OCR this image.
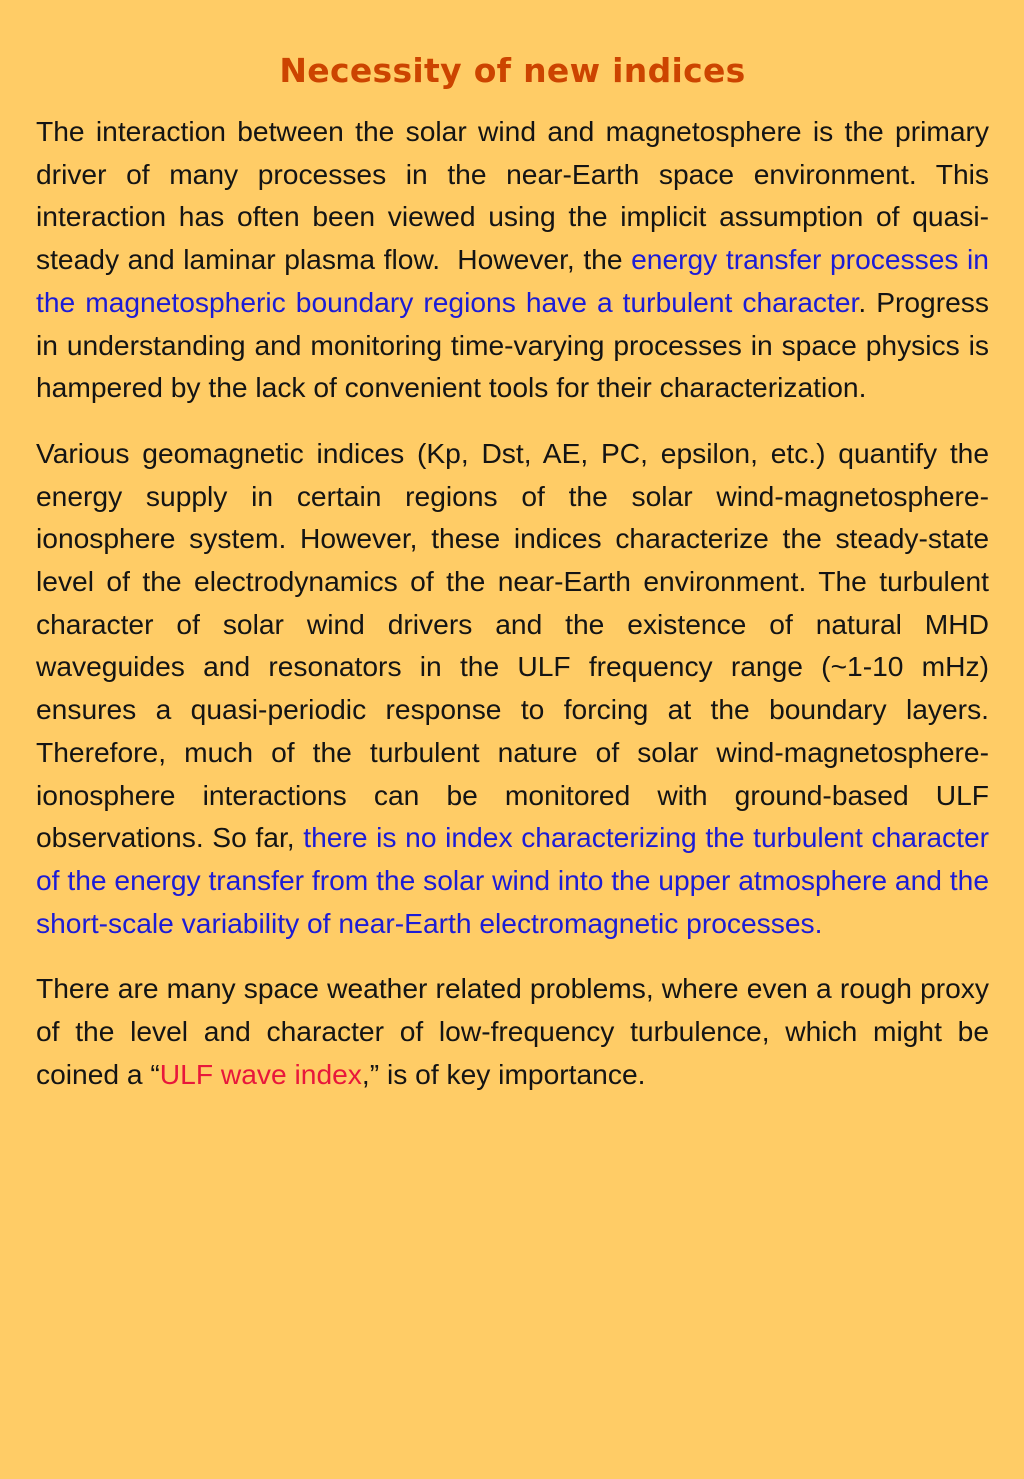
Necessity of new indices

The interaction between the solar wind and magnetosphere is the primary driver of many processes in the near-Earth space environment. This interaction has often been viewed using the implicit assumption of quasi-steady and laminar plasma flow.  However, the energy transfer processes in the magnetospheric boundary regions have a turbulent character. Progress in understanding and monitoring time-varying processes in space physics is hampered by the lack of convenient tools for their characterization.

Various geomagnetic indices (Kp, Dst, AE, PC, epsilon, etc.) quantify the energy supply in certain regions of the solar wind-magnetosphere-ionosphere system. However, these indices characterize the steady-state level of the electrodynamics of the near-Earth environment. The turbulent character of solar wind drivers and the existence of natural MHD waveguides and resonators in the ULF frequency range (~1-10 mHz) ensures a quasi-periodic response to forcing at the boundary layers. Therefore, much of the turbulent nature of solar wind-magnetosphere-ionosphere interactions can be monitored with ground-based ULF observations. So far, there is no index characterizing the turbulent character of the energy transfer from the solar wind into the upper atmosphere and the short-scale variability of near-Earth electromagnetic processes.

There are many space weather related problems, where even a rough proxy of the level and character of low-frequency turbulence, which might be coined a “ULF wave index,” is of key importance.
